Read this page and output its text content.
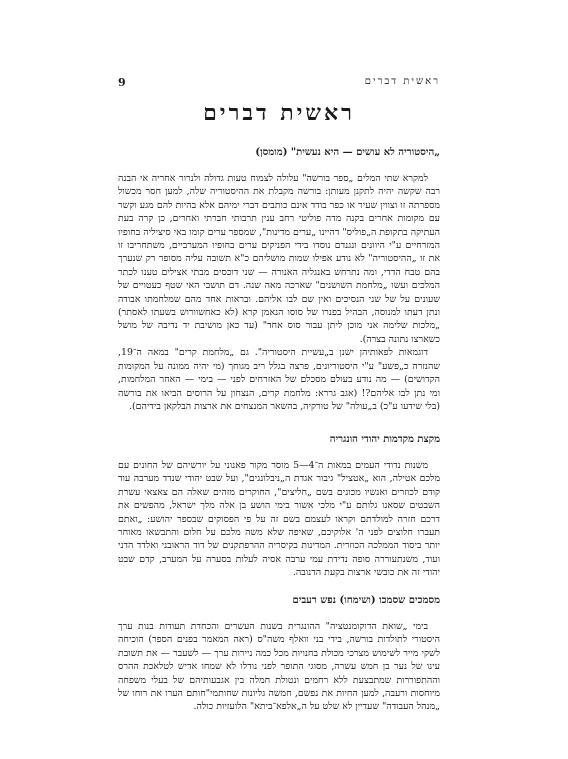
ראשית דברים
9
ראשית דברים
„היסטוריה לא עושים — היא נעשית" (מומסן)

למקרא שתי המלים „ספר בורשה" עלולה לצמוח טעות גדולה ולנרור אחריה אי הבנה רבה שקשה יהיה לתקנן מעותן: בורשה מקבלת את ההיסטוריה שלה, למען חסר מכשול מספרתה זו וצווין שעיר או כפר בודד אינם כותבים דברי ימיהם אלא בהיות להם מגע וקשר עם מקומות אחרים בקנה מדה פוליטי רחב ענין תרבותי חברתי ואחרים, כן קרה בעת העתיקה בתקופת ה„פוליס" דהיינו „ערים מדינות", שמספר ערים קומו באי סיציליה בחופיו המזרחיים ע"י היוונים ונגנדם נוסדו בידי הפניקים ערים בחופיו המערביים, משתחריבו זו את זו „ההיסטוריה" לא נודע אפילו שמות מושליהם כ"א תשובה עליה מסופר רק שנערך בהם טבח הדדי, ומה נתרחש באנגליה האנורה — שני דוכסים מבתי אצילים טענו לכתר המלכים ועשו „מלחמת השושנים" שארכה מאה שנה. דם תושבי האי שטף כעטויים של שעונים על של שני הנסיכים ואין שם לבו אליהם. ובראות אחד מהם שמלחמתו אבודה ונתן דעתו למנוסה, הבהיל בפנרו של סוסו הנאמן קרא (לא כאחשוורוש בשעתו לאסתר) „מלכות שלימה אני מוכן ליתן עבור סוס אחד" (עד כאן מושיבת יד נדיבה של מושל כשארצו נתונה בצרה).

דוגמאות לפאותיהן ישנן ב„עשיית היסטוריה". גם „מלחמת קרים" במאה ה־19, שהנזרה כ„פשע" ע"י היסטוריונים, פרצה בגלל ריב מגוחך (מי יהיה ממונה על המקומות הקדושים) — מה נודע בעולם מסכלם של האזרחים לפני — בימי — האחר המלחמות, ומי נתן לבו אליהם?! (אגב גררא: מלחמת קרים, הנצחון על הרוסים הביאו את בורשה (בלי שידעו ע"כ) ב„עולה" של טורקיה, בהשאר המנצחים את ארצות הבלקאן בידיהם).

מקצת מקדמות יהודי הונגריה

משנות נדודי העמים במאות ה־4—5 מוסר מקור פאנוני על יורשיהם של החונים עם מלכם אטילה, הוא „אטציל" גיבור אגדת ה„ניבלונגים", ועל שבט יהודי שנדד מערבה עוד קודם לכוזרים ואנשיו מכונים בשם „חליצים", החוקרים מזהים שאלה הם צאצאי עשרת השבטים שסאנו גלותם ע"י מלכי אשור בימי הושע בן אלה מלך ישראל, מהפשים את דרכם חזרה למולדתם וקראו לעצמם בשם זה על פי הפסוקים שבספר יהושע: „ואתם תעברו חלוצים לפני ה' אלוקיכם, שאיפה שלא משה מלכם על חלום והתבשאו מאוחר יותר ביסוד הממלכה הכוזרית. המדינות בקיסריה ההרפתקנים של דוד הראובני ואלדד הדני ועוד, משנתעוררה סופה נדידת עמי ערבה אסיה לעלות בסערה על המערב, קדם שבט יהודי זה את כובשי ארצות בקעת הדנובה.

מסמכים שסמכו (ושימחו) נפש רעבים

בימי „שואת הדוקומנטציה" ההונגרית בשנות העשרים והכחדת תעודות בנות ערך היסטורי לתולדות בורשה, בידי בני וואלף משה"ס (ראה המאמר בפנים הספר) הוכיחה לשקי מייר לשימוש מצרכי מכולת בחנויות מכל כמה ניירות ערך — לשעבר — את תשובת עינו של נער בן חמש עשרה, מסוגי התופר לפני נודלו לא שמחו אדיש לטלאכת ההרס וההתפוררות שמתבצעת ללא רחמים ונטולת חמלה בין אגבעותיהם של בעלי משפחה מיוחסות ורעבה, למען החיות את נפשם, חמשה גליונות שחותמי"חותם הערו את רוחו של „מנהל העבודה" שעדיין לא שלט על ה„אלפא־ביתא" הלועזיות כולה.
